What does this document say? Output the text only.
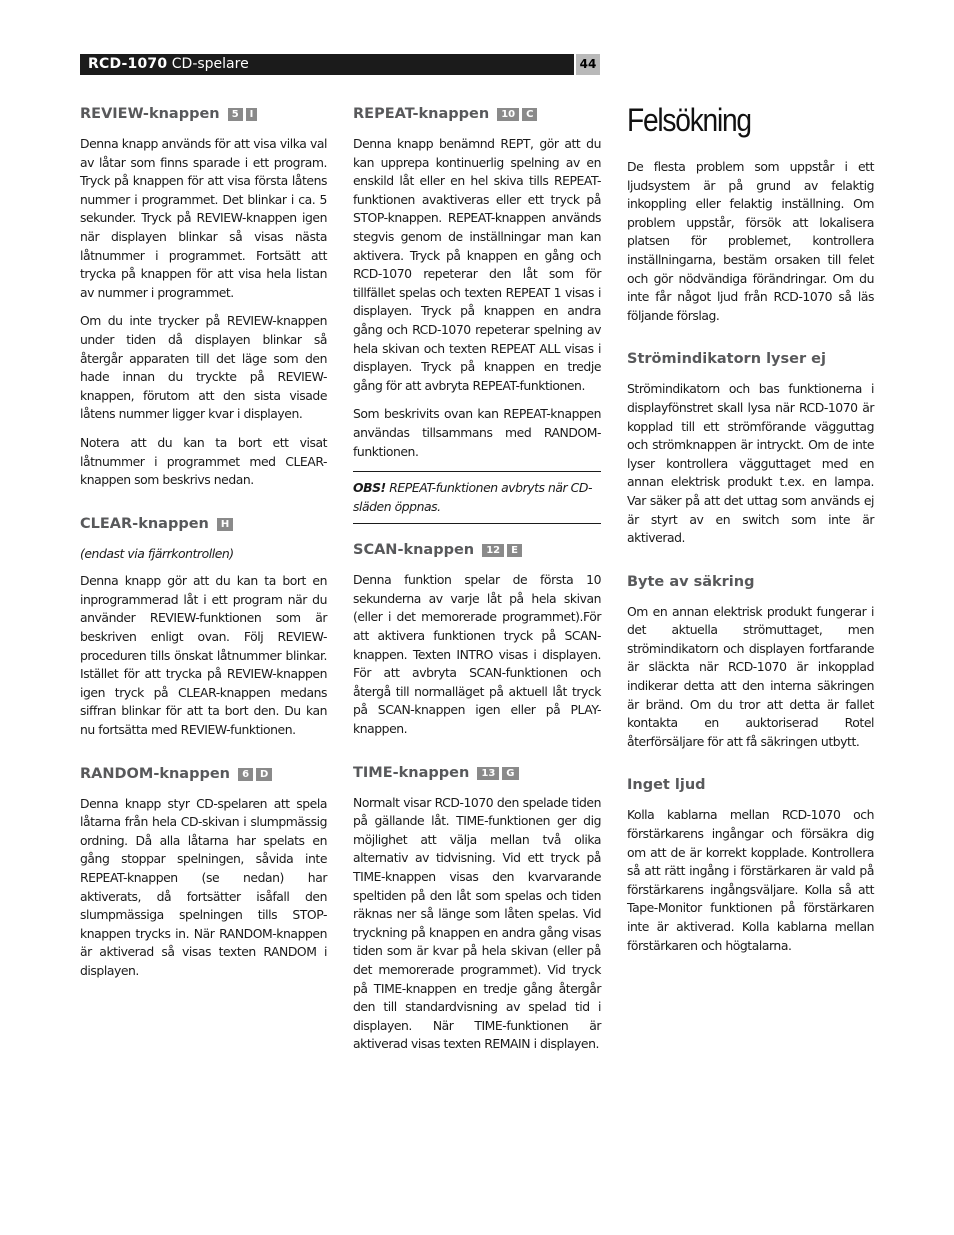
RCD-1070 CD-spelare	44
REVIEW-knappen 5 I

Denna knapp används för att visa vilka val av låtar som finns sparade i ett program. Tryck på knappen för att visa första låtens nummer i programmet. Det blinkar i ca. 5 sekunder. Tryck på REVIEW-knappen igen när displayen blinkar så visas nästa låtnummer i programmet. Fortsätt att trycka på knappen för att visa hela listan av nummer i programmet.

Om du inte trycker på REVIEW-knappen under tiden då displayen blinkar så återgår apparaten till det läge som den hade innan du tryckte på REVIEW-knappen, förutom att den sista visade låtens nummer ligger kvar i displayen.

Notera att du kan ta bort ett visat låtnummer i programmet med CLEAR-knappen som beskrivs nedan.

CLEAR-knappen H

(endast via fjärrkontrollen)

Denna knapp gör att du kan ta bort en inprogrammerad låt i ett program när du använder REVIEW-funktionen som är beskriven enligt ovan. Följ REVIEW-proceduren tills önskat låtnummer blinkar. Istället för att trycka på REVIEW-knappen igen tryck på CLEAR-knappen medans siffran blinkar för att ta bort den. Du kan nu fortsätta med REVIEW-funktionen.

RANDOM-knappen 6 D

Denna knapp styr CD-spelaren att spela låtarna från hela CD-skivan i slumpmässig ordning. Då alla låtarna har spelats en gång stoppar spelningen, såvida inte REPEAT-knappen (se nedan) har aktiverats, då fortsätter isåfall den slumpmässiga spelningen tills STOP-knappen trycks in. När RANDOM-knappen är aktiverad så visas texten RANDOM i displayen.

REPEAT-knappen 10 C

Denna knapp benämnd REPT, gör att du kan upprepa kontinuerlig spelning av en enskild låt eller en hel skiva tills REPEAT-funktionen avaktiveras eller ett tryck på STOP-knappen. REPEAT-knappen används stegvis genom de inställningar man kan aktivera. Tryck på knappen en gång och RCD-1070 repeterar den låt som för tillfället spelas och texten REPEAT 1 visas i displayen. Tryck på knappen en andra gång och RCD-1070 repeterar spelning av hela skivan och texten REPEAT ALL visas i displayen. Tryck på knappen en tredje gång för att avbryta REPEAT-funktionen.

Som beskrivits ovan kan REPEAT-knappen användas tillsammans med RANDOM-funktionen.

OBS! REPEAT-funktionen avbryts när CD-släden öppnas.

SCAN-knappen 12 E

Denna funktion spelar de första 10 sekunderna av varje låt på hela skivan (eller i det memorerade programmet).För att aktivera funktionen tryck på SCAN-knappen. Texten INTRO visas i displayen. För att avbryta SCAN-funktionen och återgå till normalläget på aktuell låt tryck på SCAN-knappen igen eller på PLAY-knappen.

TIME-knappen 13 G

Normalt visar RCD-1070 den spelade tiden på gällande låt. TIME-funktionen ger dig möjlighet att välja mellan två olika alternativ av tidvisning. Vid ett tryck på TIME-knappen visas den kvarvarande speltiden på den låt som spelas och tiden räknas ner så länge som låten spelas. Vid tryckning på knappen en andra gång visas tiden som är kvar på hela skivan (eller på det memorerade programmet). Vid tryck på TIME-knappen en tredje gång återgår den till standardvisning av spelad tid i displayen. När TIME-funktionen är aktiverad visas texten REMAIN i displayen.

Felsökning

De flesta problem som uppstår i ett ljudsystem är på grund av felaktig inkoppling eller felaktig inställning. Om problem uppstår, försök att lokalisera platsen för problemet, kontrollera inställningarna, bestäm orsaken till felet och gör nödvändiga förändringar. Om du inte får något ljud från RCD-1070 så läs följande förslag.

Strömindikatorn lyser ej

Strömindikatorn och bas funktionerna i displayfönstret skall lysa när RCD-1070 är kopplad till ett strömförande vägguttag och strömknappen är intryckt. Om de inte lyser kontrollera vägguttaget med en annan elektrisk produkt t.ex. en lampa. Var säker på att det uttag som används ej är styrt av en switch som inte är aktiverad.

Byte av säkring

Om en annan elektrisk produkt fungerar i det aktuella strömuttaget, men strömindikatorn och displayen fortfarande är släckta när RCD-1070 är inkopplad indikerar detta att den interna säkringen är bränd. Om du tror att detta är fallet kontakta en auktoriserad Rotel återförsäljare för att få säkringen utbytt.

Inget ljud

Kolla kablarna mellan RCD-1070 och förstärkarens ingångar och försäkra dig om att de är korrekt kopplade. Kontrollera så att rätt ingång i förstärkaren är vald på förstärkarens ingångsväljare. Kolla så att Tape-Monitor funktionen på förstärkaren inte är aktiverad. Kolla kablarna mellan förstärkaren och högtalarna.
